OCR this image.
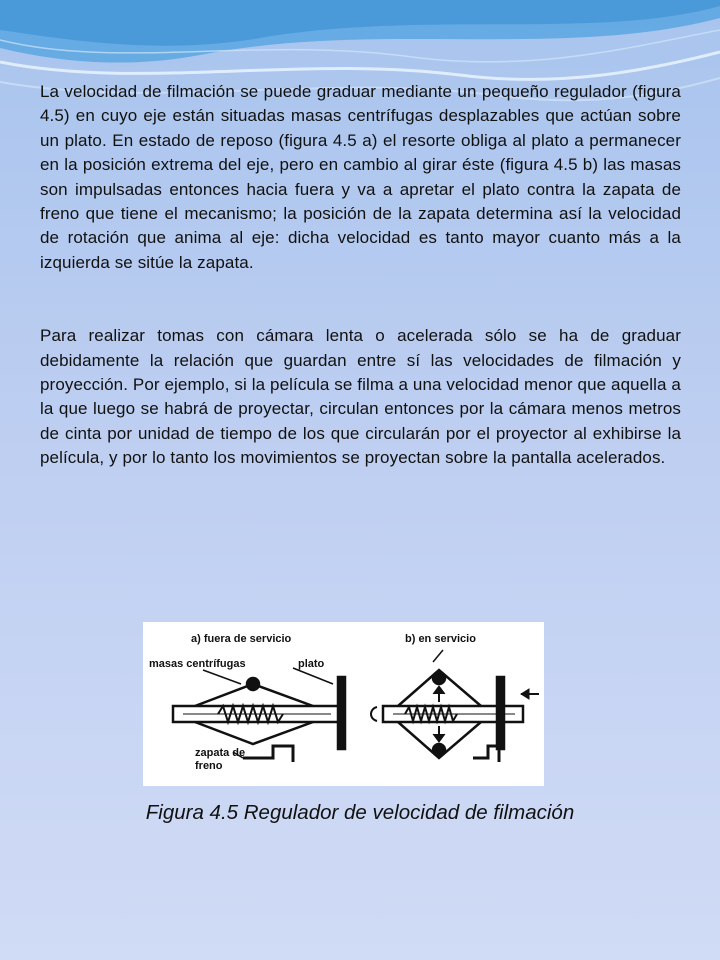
La velocidad de filmación se puede graduar mediante un pequeño regulador (figura 4.5) en cuyo eje están situadas masas centrífugas desplazables que actúan sobre un plato. En estado de reposo (figura 4.5 a) el resorte obliga al plato a permanecer en la posición extrema del eje, pero en cambio al girar éste (figura 4.5 b) las masas son impulsadas entonces hacia fuera y va a apretar el plato contra la zapata de freno que tiene el mecanismo; la posición de la zapata determina así la velocidad de rotación que anima al eje: dicha velocidad es tanto mayor cuanto más a la izquierda se sitúe la zapata.

Para realizar tomas con cámara lenta o acelerada sólo se ha de graduar debidamente la relación que guardan entre sí las velocidades de filmación y proyección. Por ejemplo, si la película se filma a una velocidad menor que aquella a la que luego se habrá de proyectar, circulan entonces por la cámara menos metros de cinta por unidad de tiempo de los que circularán por el proyector al exhibirse la película, y por lo tanto los movimientos se proyectan sobre la pantalla acelerados.

a) fuera de servicio	b) en servicio
masas centrífugas	plato
zapata de
freno
Figura 4.5 Regulador de velocidad de filmación
